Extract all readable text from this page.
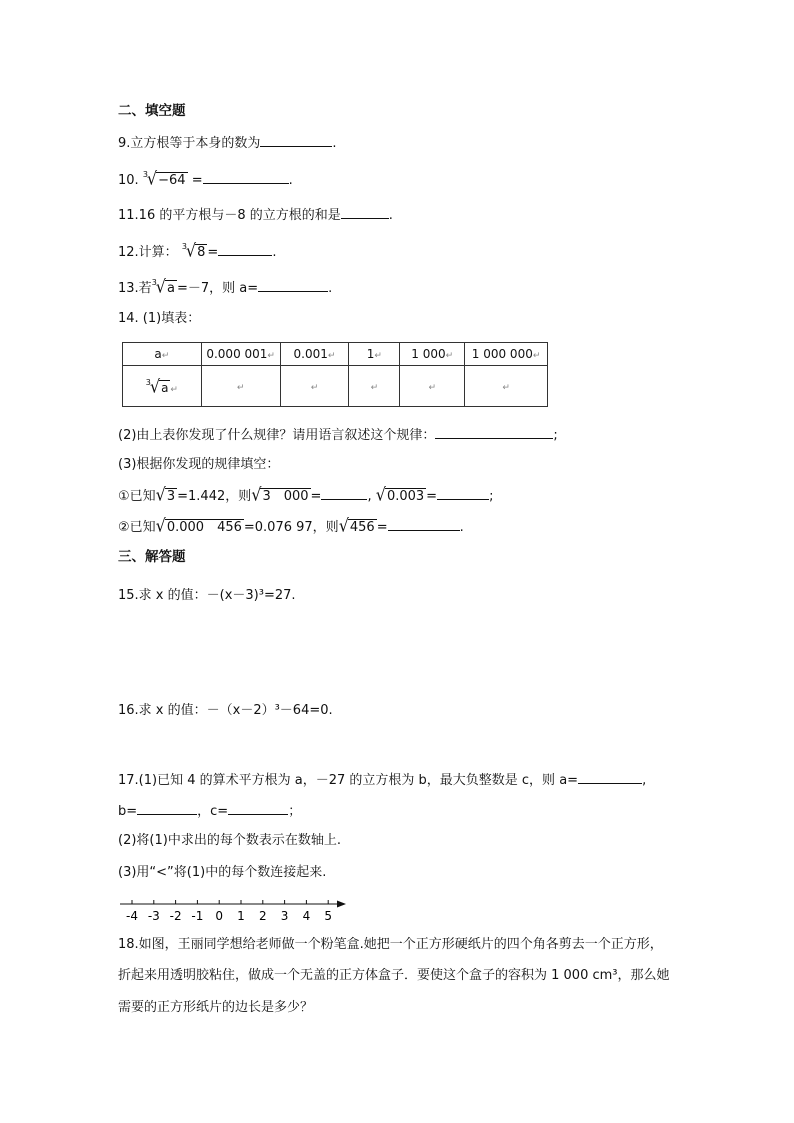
二、填空题
9.立方根等于本身的数为	.
10. $^3$√−64 =	.
11.16 的平方根与－8 的立方根的和是	.
12.计算： $^3$√8 =	.
13.若$^3$√a =－7，则 a=	.
14. (1)填表：
a↵	0.000 001↵	0.001↵	1↵	1 000↵	1 000 000↵
$^3$√a ↵	↵	↵	↵	↵	↵
(2)由上表你发现了什么规律？请用语言叙述这个规律：	;
(3)根据你发现的规律填空：
①已知√3 =1.442，则√3　000 =	, √0.003 =	;
②已知√0.000　456 =0.076 97，则√456 =	.
三、解答题
15.求 x 的值：－(x－3)³=27.
16.求 x 的值：－（x－2）³－64=0.
17.(1)已知 4 的算术平方根为 a，－27 的立方根为 b，最大负整数是 c，则 a=	,
b=	，c=	；
(2)将(1)中求出的每个数表示在数轴上.
(3)用“<”将(1)中的每个数连接起来.
-4 -3 -2 -1 0 1 2 3 4 5
18.如图，王丽同学想给老师做一个粉笔盒.她把一个正方形硬纸片的四个角各剪去一个正方形，
折起来用透明胶粘住，做成一个无盖的正方体盒子．要使这个盒子的容积为 1 000 cm³，那么她
需要的正方形纸片的边长是多少？
